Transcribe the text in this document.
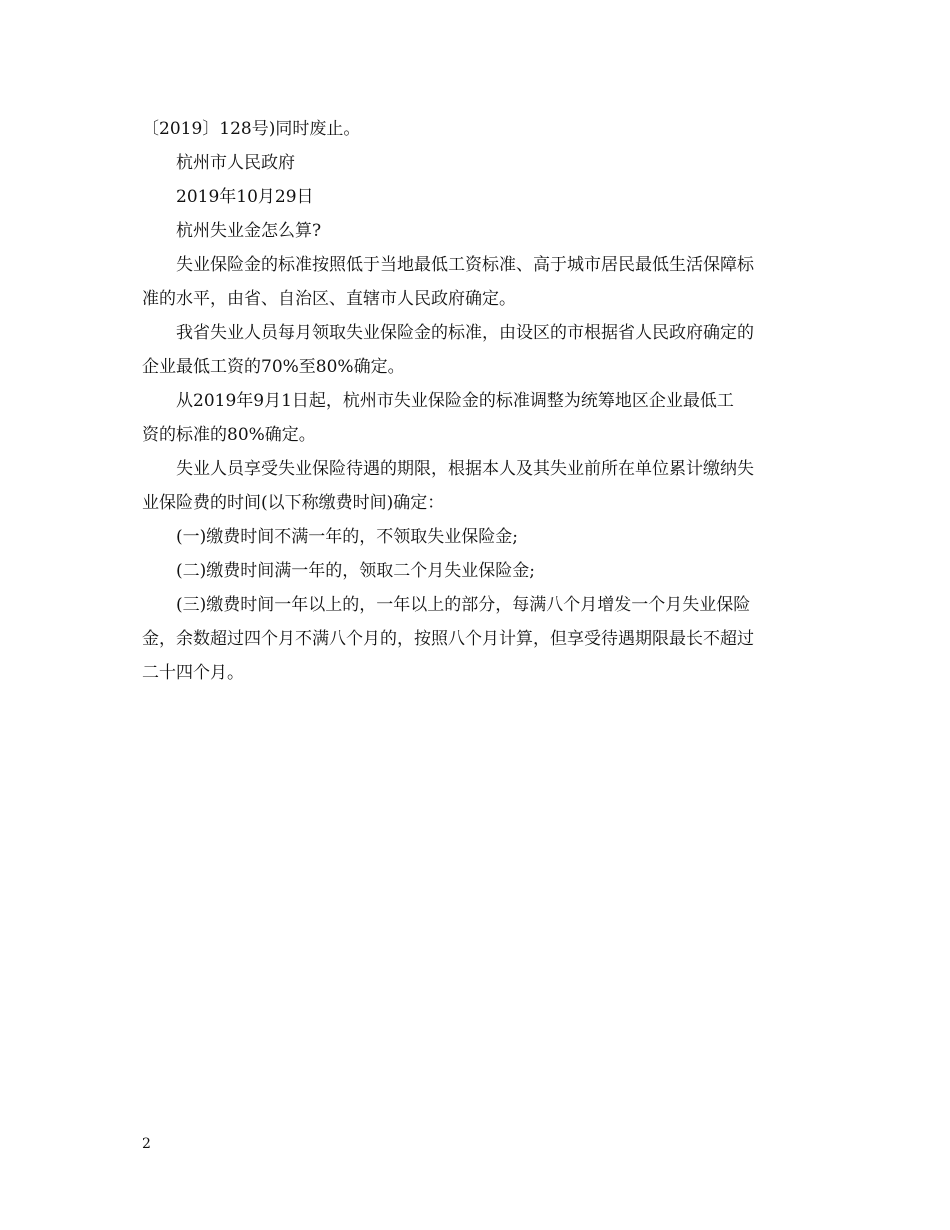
〔2019〕128号)同时废止。
杭州市人民政府
2019年10月29日
杭州失业金怎么算?
失业保险金的标准按照低于当地最低工资标准、高于城市居民最低生活保障标
准的水平，由省、自治区、直辖市人民政府确定。
我省失业人员每月领取失业保险金的标准，由设区的市根据省人民政府确定的
企业最低工资的70%至80%确定。
从2019年9月1日起，杭州市失业保险金的标准调整为统筹地区企业最低工
资的标准的80%确定。
失业人员享受失业保险待遇的期限，根据本人及其失业前所在单位累计缴纳失
业保险费的时间(以下称缴费时间)确定：
(一)缴费时间不满一年的，不领取失业保险金;
(二)缴费时间满一年的，领取二个月失业保险金;
(三)缴费时间一年以上的，一年以上的部分，每满八个月增发一个月失业保险
金，余数超过四个月不满八个月的，按照八个月计算，但享受待遇期限最长不超过
二十四个月。
2
